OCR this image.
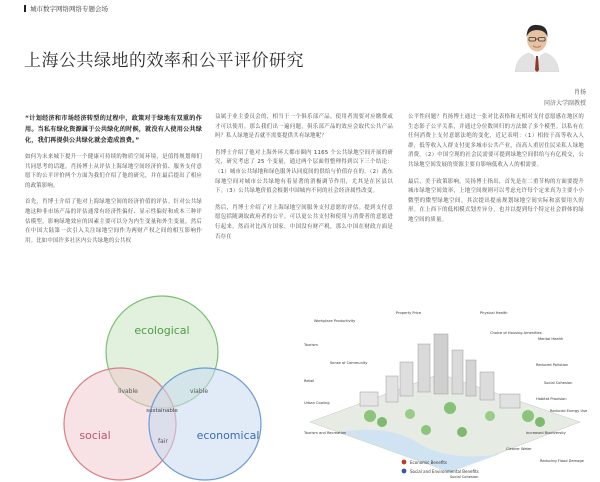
城市数字网络网络专题会场
上海公共绿地的效率和公平评价研究
肖扬
同济大学副教授

“计划经济和市场经济转型的过程中，政策对于绿地有双重的作用。当私有绿化资源属于公共绿化的时候，就没有人使用公共绿化，我们再提供公共绿化就会造成浪费。”

如何为未来城下提升一个健康可持续的物质空间环境，是值得规划师们共同思考的话题。肖扬博士从评估上海绿地空间经济价值、服务支付意愿下的公平评价两个方面为我们介绍了他的研究，并在最后提出了相应的政策影响。

首先，肖博士介绍了他对上海绿地空间的经济价值的评估。针对公共绿地这种非市场产品的评估通常有经济性偏好、显示性偏好和成本三种评估模型，影响绿地效应的因素主要可以分为内生变量和外生变量，然后在中国大陆第一次引入关注绿地空间作为两财产权之间的相互影响作用。比如中国许多社区内公共绿地的公共权

益属于业主委员会的，相当于一个俱乐部产品。使用者需要对应缴费或才可以使用。那么我们出一遍问题，俱乐部产品的效应会取代公共产品吗？私人绿地是否就不需要提供共有绿地呢？

肖博士介绍了他对上海外环大都市圈内 1165 个公共绿地空间开展的研究，研究考虑了 25 个变量，通过两个层面得整理得到以下三个结论：（1）城市公共绿地和绿色服务认同度间的供给与价值存在的。（2）离东绿地空间对城市公共绿地有着显著的消极调节作用，尤其是在区县以下。（3）公共绿地价值会根据中国城内不同的社会经济属性改变。

然后，肖博士介绍了对上海绿地空间服务支付意愿的评估。提到支付意愿包括随调取政府者的公平，可以更公共支付和使用与消费者的意愿进行起来。然而对比西方国家，中国没有财产税，那么中国在财政方面是否存在

公平性问题？肖扬博士通过一张对比表格和无相对支付意愿感在地区的生态影子公平关系，并通过分位数回归的方法做了多个模型。以私有在任何消费上支付意愿法绝的变化，近记表明：（1）相较于高等收入人群，低等收入人群支付更多城市公共产业，而高人重居住民采私人绿地消费。（2）中国空现的社会民需要可提到绿地空间供给与有亿税交，公共绿地空间发展的资源主要自影响低收入人的相需要。

最后，美于政策影响，吴扬博士指出，首先是在二重节构的方面要提升城市绿地空间效率，上地空间规则可以考虑允许每个定来真为主要小小微型的微型绿地空间。其次提出提前规划绿地空间实际和富要用久的形。在上西下的低相模式划差异分，也并以提到每个特定社会群体的绿地空间的质量。

ecological
social	economical
livable	viable
sustainable
fair
Workplace Productivity
Property Price	Physical Health
Tourism
Choice of Housing Amenities
Mental Health
Sense of Community
Retail
Reduced Pollution
Social Cohesion
Urban Cooling
Habitat Provision
Reduced Energy Use
Tourism and Recreation
Cleaner Water
Increased Biodiversity
Reducing Flood Damage
Social Cohesion
Economic Benefits
Social and Environmental Benefits
